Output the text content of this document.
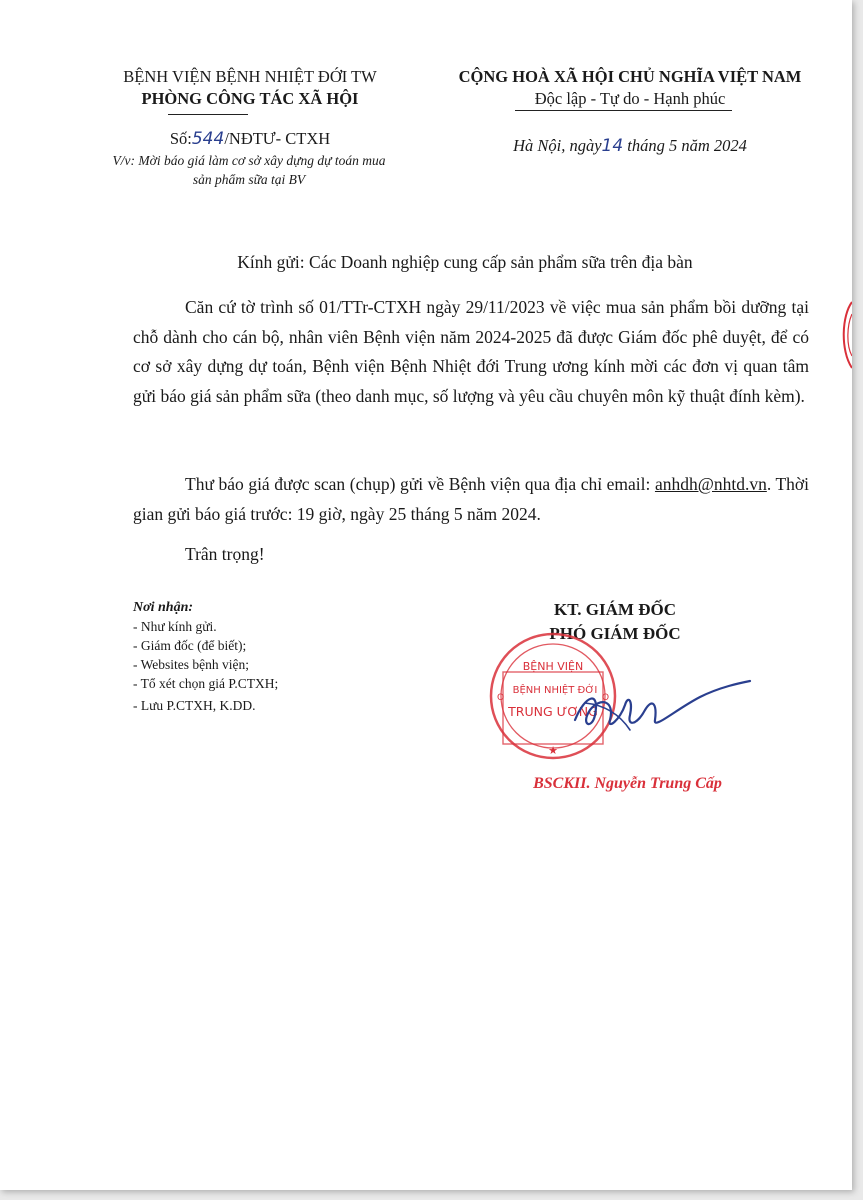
BỆNH VIỆN BỆNH NHIỆT ĐỚI TW
PHÒNG CÔNG TÁC XÃ HỘI
Số:544/NĐTƯ- CTXH
V/v: Mời báo giá làm cơ sở xây dựng dự toán mua
sản phẩm sữa tại BV
CỘNG HOÀ XÃ HỘI CHỦ NGHĨA VIỆT NAM
Độc lập - Tự do - Hạnh phúc
Hà Nội, ngày14 tháng 5 năm 2024
Kính gửi: Các Doanh nghiệp cung cấp sản phẩm sữa trên địa bàn
Căn cứ tờ trình số 01/TTr-CTXH ngày 29/11/2023 về việc mua sản phẩm bồi dưỡng tại chỗ dành cho cán bộ, nhân viên Bệnh viện năm 2024-2025 đã được Giám đốc phê duyệt, để có cơ sở xây dựng dự toán, Bệnh viện Bệnh Nhiệt đới Trung ương kính mời các đơn vị quan tâm gửi báo giá sản phẩm sữa (theo danh mục, số lượng và yêu cầu chuyên môn kỹ thuật đính kèm).
Thư báo giá được scan (chụp) gửi về Bệnh viện qua địa chỉ email: anhdh@nhtd.vn. Thời gian gửi báo giá trước: 19 giờ, ngày 25 tháng 5 năm 2024.
Trân trọng!
Nơi nhận:
- Như kính gửi.
- Giám đốc (để biết);
- Websites bệnh viện;
- Tổ xét chọn giá P.CTXH;
- Lưu P.CTXH, K.DD.
KT. GIÁM ĐỐC
PHÓ GIÁM ĐỐC
BỆNH VIỆN
BỆNH NHIỆT ĐỚI
TRUNG ƯƠNG
★
O	O
BSCKII. Nguyễn Trung Cấp
